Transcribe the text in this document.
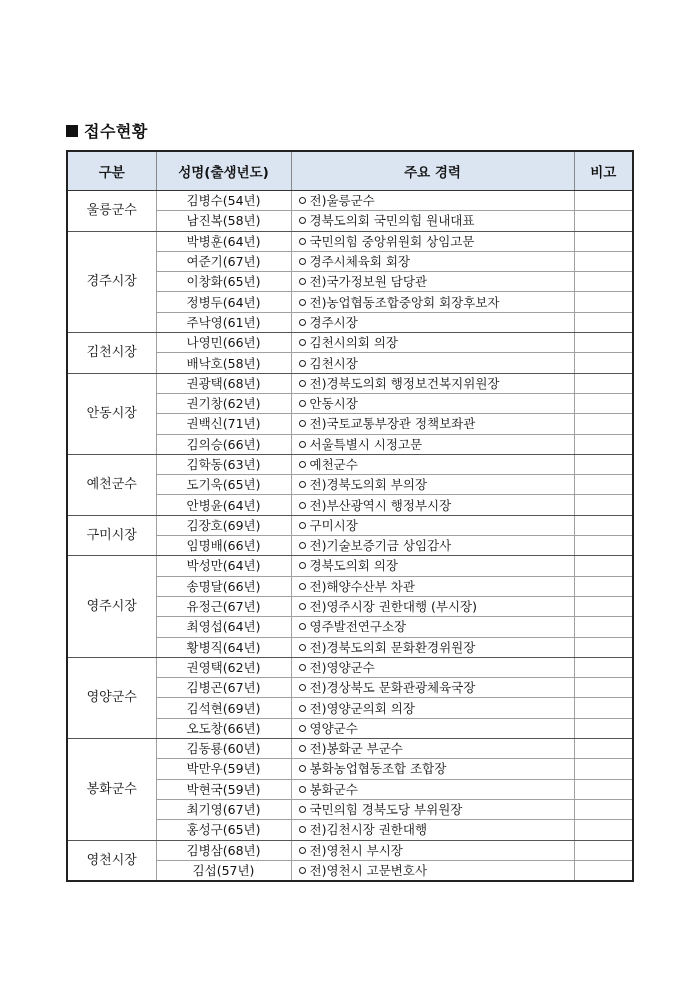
접수현황
구분	성명(출생년도)	주요 경력	비고
울릉군수	김병수(54년)	전)울릉군수	
	남진복(58년)	경북도의회 국민의힘 원내대표	
경주시장	박병훈(64년)	국민의힘 중앙위원회 상임고문	
	여준기(67년)	경주시체육회 회장	
	이창화(65년)	전)국가정보원 담당관	
	정병두(64년)	전)농업협동조합중앙회 회장후보자	
	주낙영(61년)	경주시장	
김천시장	나영민(66년)	김천시의회 의장	
	배낙호(58년)	김천시장	
안동시장	권광택(68년)	전)경북도의회 행정보건복지위원장	
	권기창(62년)	안동시장	
	권백신(71년)	전)국토교통부장관 정책보좌관	
	김의승(66년)	서울특별시 시정고문	
예천군수	김학동(63년)	예천군수	
	도기욱(65년)	전)경북도의회 부의장	
	안병윤(64년)	전)부산광역시 행정부시장	
구미시장	김장호(69년)	구미시장	
	임명배(66년)	전)기술보증기금 상임감사	
영주시장	박성만(64년)	경북도의회 의장	
	송명달(66년)	전)해양수산부 차관	
	유정근(67년)	전)영주시장 권한대행 (부시장)	
	최영섭(64년)	영주발전연구소장	
	황병직(64년)	전)경북도의회 문화환경위원장	
영양군수	권영택(62년)	전)영양군수	
	김병곤(67년)	전)경상북도 문화관광체육국장	
	김석현(69년)	전)영양군의회 의장	
	오도창(66년)	영양군수	
봉화군수	김동룡(60년)	전)봉화군 부군수	
	박만우(59년)	봉화농업협동조합 조합장	
	박현국(59년)	봉화군수	
	최기영(67년)	국민의힘 경북도당 부위원장	
	홍성구(65년)	전)김천시장 권한대행	
영천시장	김병삼(68년)	전)영천시 부시장	
	김섭(57년)	전)영천시 고문변호사	
